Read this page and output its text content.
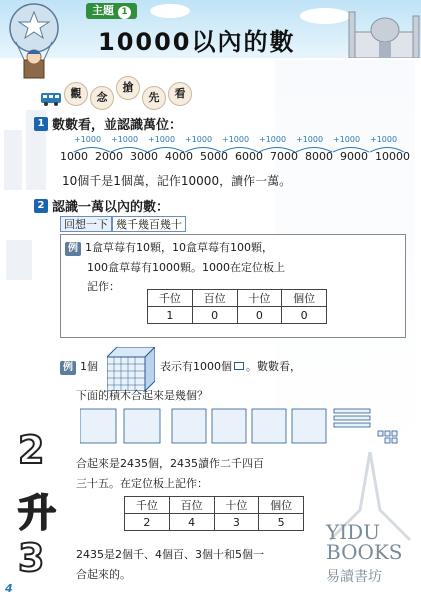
主題 1
10000以內的數
觀	念
搶
先	看
1 數數看，並認識萬位：
+1000 +1000 +1000 +1000 +1000 +1000 +1000 +1000 +1000
1000 2000 3000 4000 5000 6000 7000 8000 9000 10000
10個千是1個萬，記作10000，讀作一萬。
2 認識一萬以內的數：
回想一下 幾千幾百幾十
例 1盒草莓有10顆，10盒草莓有100顆，
100盒草莓有1000顆。1000在定位板上
記作：
千位	百位	十位	個位
1	0	0	0
例 1個	表示有1000個 。數數看，
下面的積木合起來是幾個？
合起來是2435個，2435讀作二千四百
三十五。在定位板上記作：
千位	百位	十位	個位
2	4	3	5
2435是2個千、4個百、3個十和5個一
合起來的。
2
升
3
4
YIDU
BOOKS
易讀書坊
